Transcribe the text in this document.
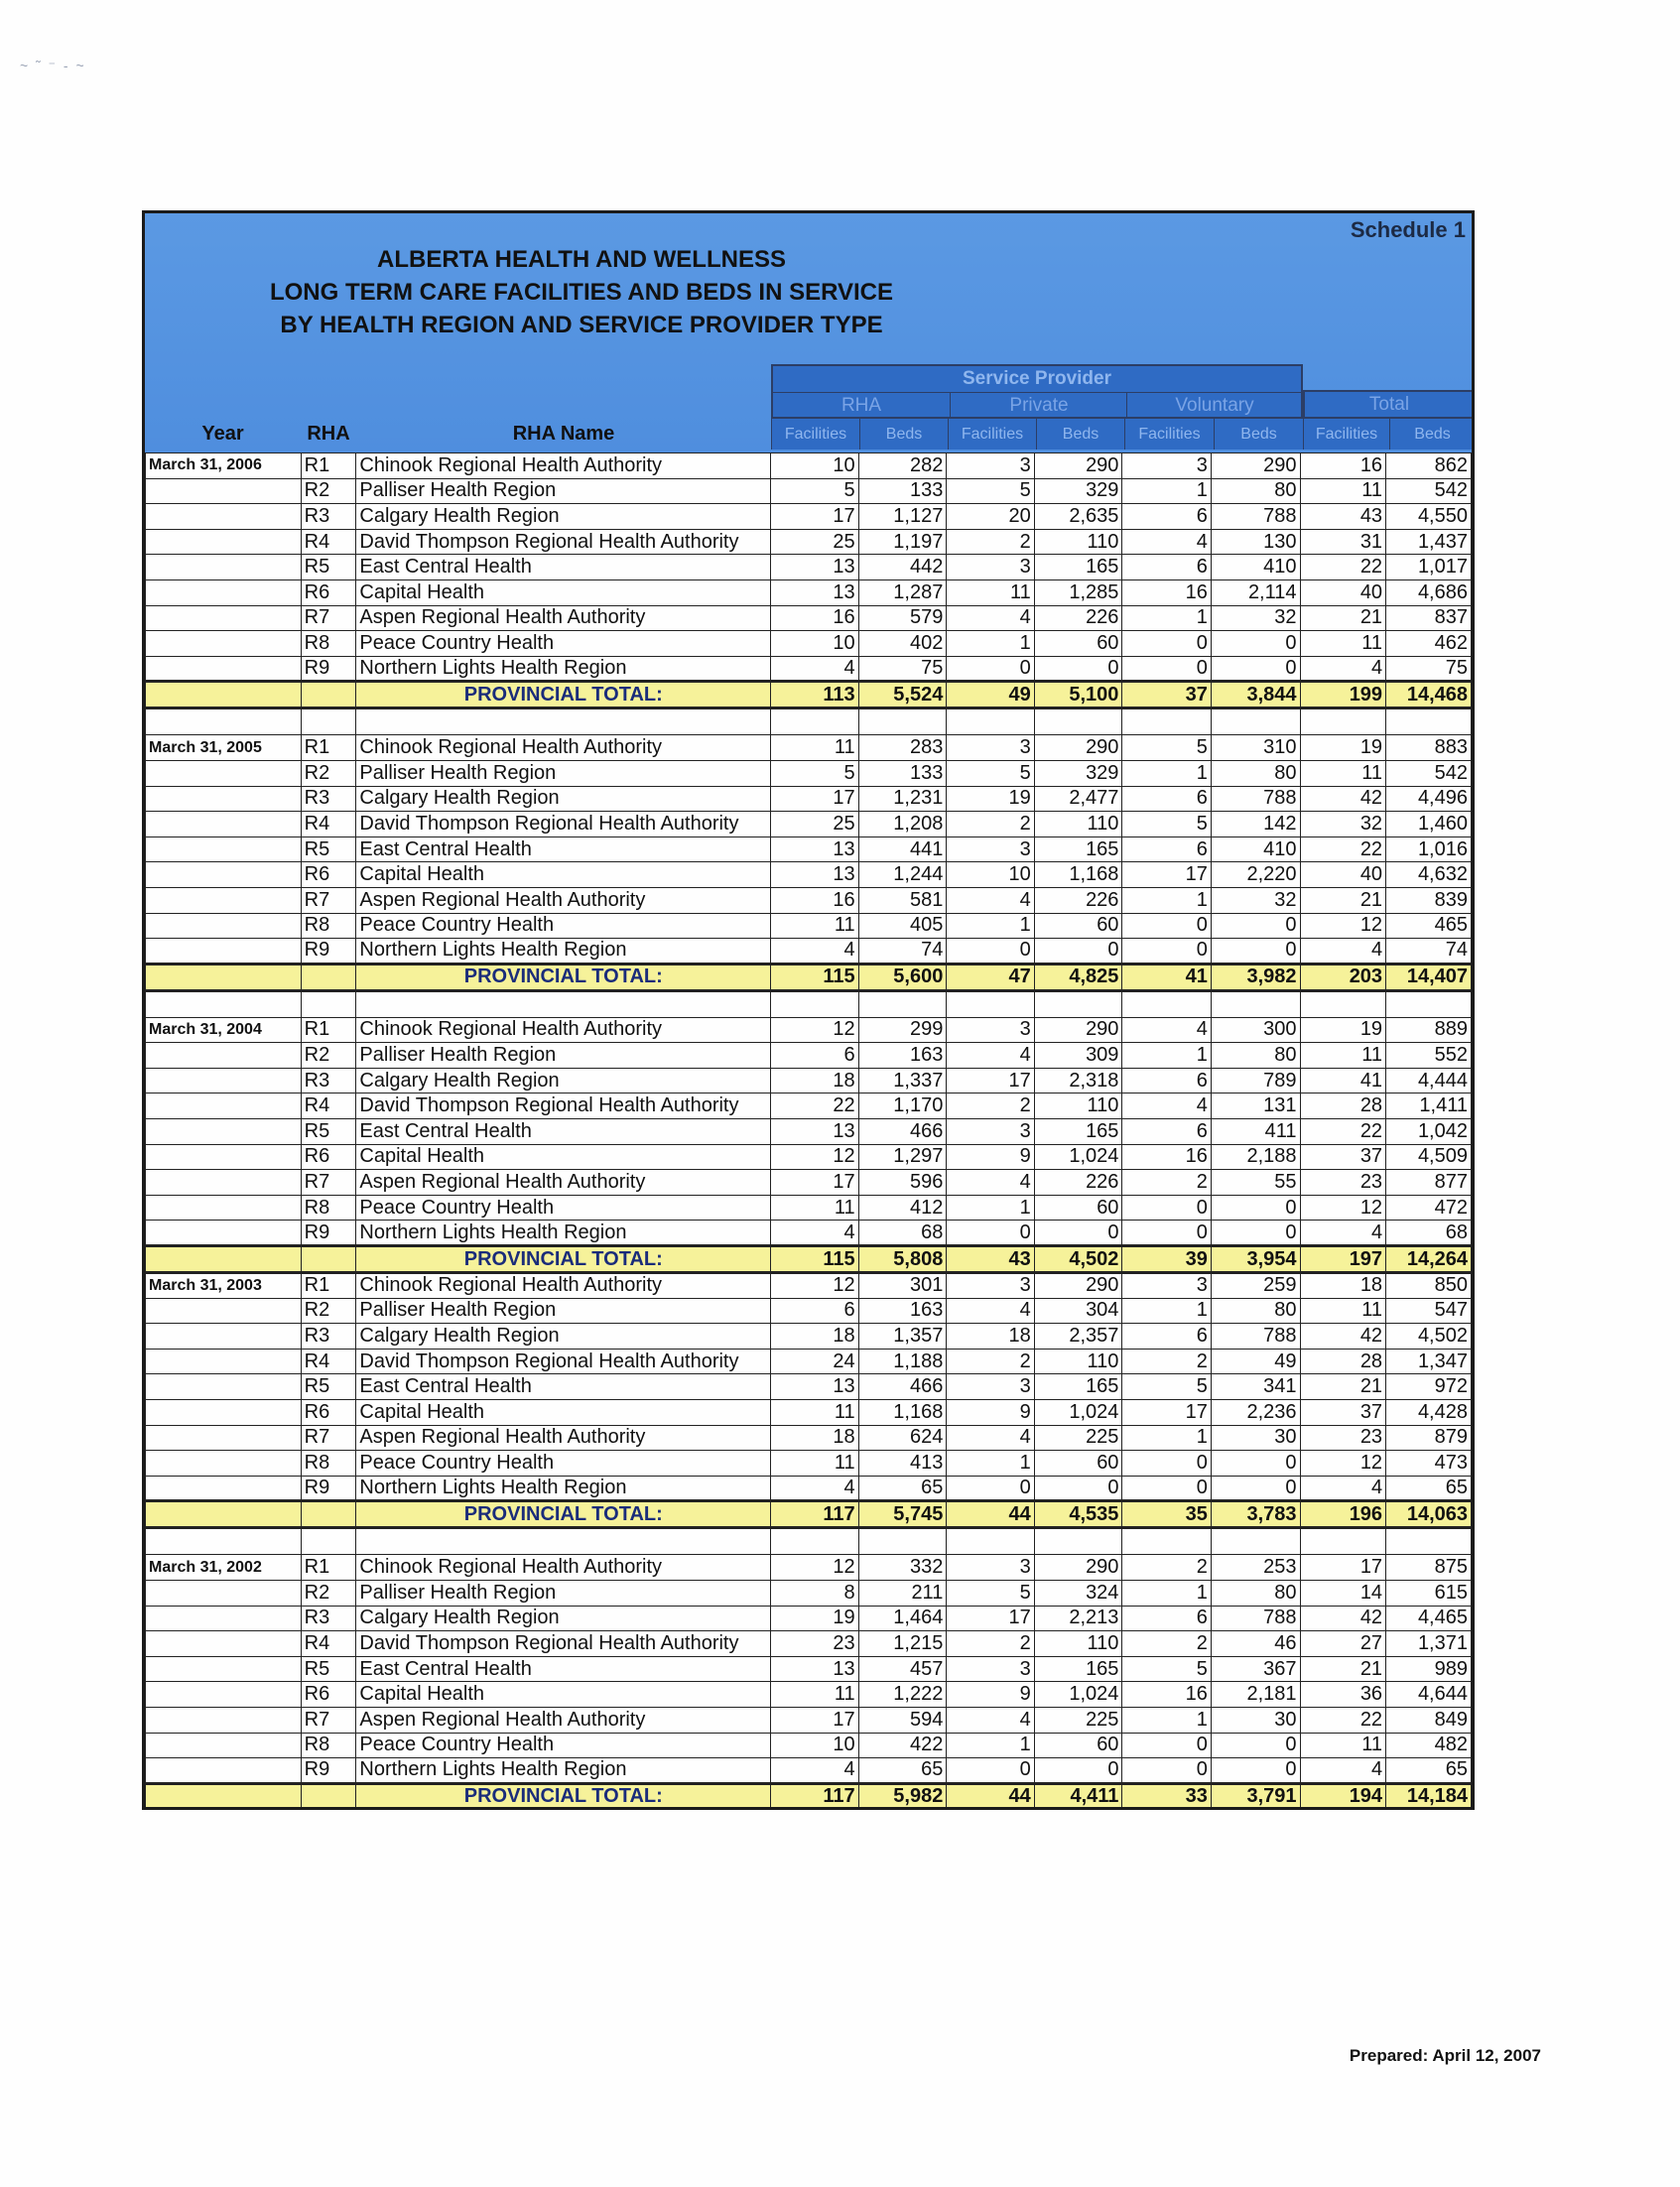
~ ˜ ⁻ ‐ ~
Schedule 1
ALBERTA HEALTH AND WELLNESS
LONG TERM CARE FACILITIES AND BEDS IN SERVICE
BY HEALTH REGION AND SERVICE PROVIDER TYPE
Service Provider
RHA	Private	Voluntary	Total
Year	RHA	RHA Name	Facilities	Beds	Facilities	Beds	Facilities	Beds	Facilities	Beds
March 31, 2006	R1	Chinook Regional Health Authority	10	282	3	290	3	290	16	862
	R2	Palliser Health Region	5	133	5	329	1	80	11	542
	R3	Calgary Health Region	17	1,127	20	2,635	6	788	43	4,550
	R4	David Thompson Regional Health Authority	25	1,197	2	110	4	130	31	1,437
	R5	East Central Health	13	442	3	165	6	410	22	1,017
	R6	Capital Health	13	1,287	11	1,285	16	2,114	40	4,686
	R7	Aspen Regional Health Authority	16	579	4	226	1	32	21	837
	R8	Peace Country Health	10	402	1	60	0	0	11	462
	R9	Northern Lights Health Region	4	75	0	0	0	0	4	75
		PROVINCIAL TOTAL:	113	5,524	49	5,100	37	3,844	199	14,468

March 31, 2005	R1	Chinook Regional Health Authority	11	283	3	290	5	310	19	883
	R2	Palliser Health Region	5	133	5	329	1	80	11	542
	R3	Calgary Health Region	17	1,231	19	2,477	6	788	42	4,496
	R4	David Thompson Regional Health Authority	25	1,208	2	110	5	142	32	1,460
	R5	East Central Health	13	441	3	165	6	410	22	1,016
	R6	Capital Health	13	1,244	10	1,168	17	2,220	40	4,632
	R7	Aspen Regional Health Authority	16	581	4	226	1	32	21	839
	R8	Peace Country Health	11	405	1	60	0	0	12	465
	R9	Northern Lights Health Region	4	74	0	0	0	0	4	74
		PROVINCIAL TOTAL:	115	5,600	47	4,825	41	3,982	203	14,407

March 31, 2004	R1	Chinook Regional Health Authority	12	299	3	290	4	300	19	889
	R2	Palliser Health Region	6	163	4	309	1	80	11	552
	R3	Calgary Health Region	18	1,337	17	2,318	6	789	41	4,444
	R4	David Thompson Regional Health Authority	22	1,170	2	110	4	131	28	1,411
	R5	East Central Health	13	466	3	165	6	411	22	1,042
	R6	Capital Health	12	1,297	9	1,024	16	2,188	37	4,509
	R7	Aspen Regional Health Authority	17	596	4	226	2	55	23	877
	R8	Peace Country Health	11	412	1	60	0	0	12	472
	R9	Northern Lights Health Region	4	68	0	0	0	0	4	68
		PROVINCIAL TOTAL:	115	5,808	43	4,502	39	3,954	197	14,264
March 31, 2003	R1	Chinook Regional Health Authority	12	301	3	290	3	259	18	850
	R2	Palliser Health Region	6	163	4	304	1	80	11	547
	R3	Calgary Health Region	18	1,357	18	2,357	6	788	42	4,502
	R4	David Thompson Regional Health Authority	24	1,188	2	110	2	49	28	1,347
	R5	East Central Health	13	466	3	165	5	341	21	972
	R6	Capital Health	11	1,168	9	1,024	17	2,236	37	4,428
	R7	Aspen Regional Health Authority	18	624	4	225	1	30	23	879
	R8	Peace Country Health	11	413	1	60	0	0	12	473
	R9	Northern Lights Health Region	4	65	0	0	0	0	4	65
		PROVINCIAL TOTAL:	117	5,745	44	4,535	35	3,783	196	14,063

March 31, 2002	R1	Chinook Regional Health Authority	12	332	3	290	2	253	17	875
	R2	Palliser Health Region	8	211	5	324	1	80	14	615
	R3	Calgary Health Region	19	1,464	17	2,213	6	788	42	4,465
	R4	David Thompson Regional Health Authority	23	1,215	2	110	2	46	27	1,371
	R5	East Central Health	13	457	3	165	5	367	21	989
	R6	Capital Health	11	1,222	9	1,024	16	2,181	36	4,644
	R7	Aspen Regional Health Authority	17	594	4	225	1	30	22	849
	R8	Peace Country Health	10	422	1	60	0	0	11	482
	R9	Northern Lights Health Region	4	65	0	0	0	0	4	65
		PROVINCIAL TOTAL:	117	5,982	44	4,411	33	3,791	194	14,184
Prepared: April 12, 2007
